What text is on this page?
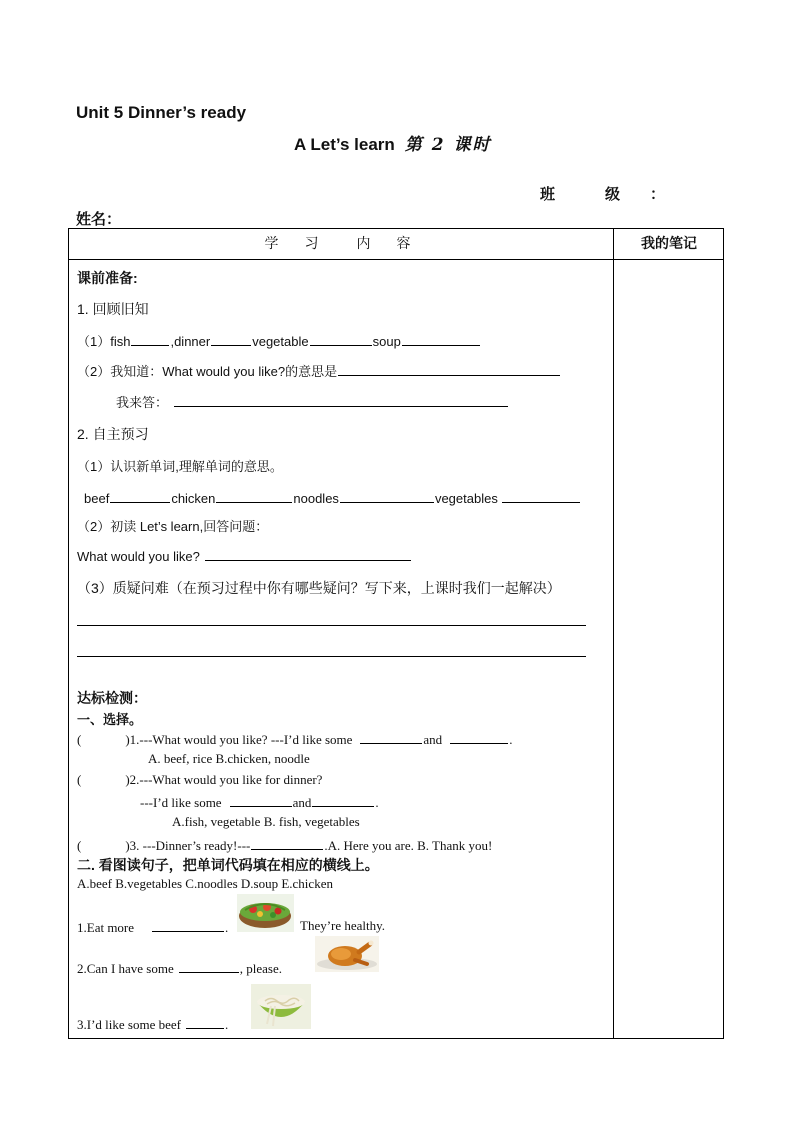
Unit 5 Dinner’s ready
A Let’s learn 第 2 课时
班	级 ：
姓名：
学 习 内 容	我的笔记
课前准备:
1. 回顾旧知
（1）fish	,dinner	vegetable	soup
（2）我知道：What would you like?的意思是
我来答：
2. 自主预习
（1）认识新单词,理解单词的意思。
beef	chicken	noodles	vegetables
（2）初读 Let’s learn,回答问题：
What would you like?
（3）质疑问难（在预习过程中你有哪些疑问？写下来，上课时我们一起解决）
达标检测：
一、选择。
(	)1.---What would you like? ---I’d like some	and	.
A. beef, rice B.chicken, noodle
(	)2.---What would you like for dinner?
---I’d like some	and	.
A.fish, vegetable B. fish, vegetables
(	)3. ---Dinner’s ready!---	.A. Here you are. B. Thank you!
二. 看图读句子，把单词代码填在相应的横线上。
A.beef B.vegetables C.noodles D.soup E.chicken
1.Eat more	.	They’re healthy.
2.Can I have some	, please.
3.I’d like some beef	.
